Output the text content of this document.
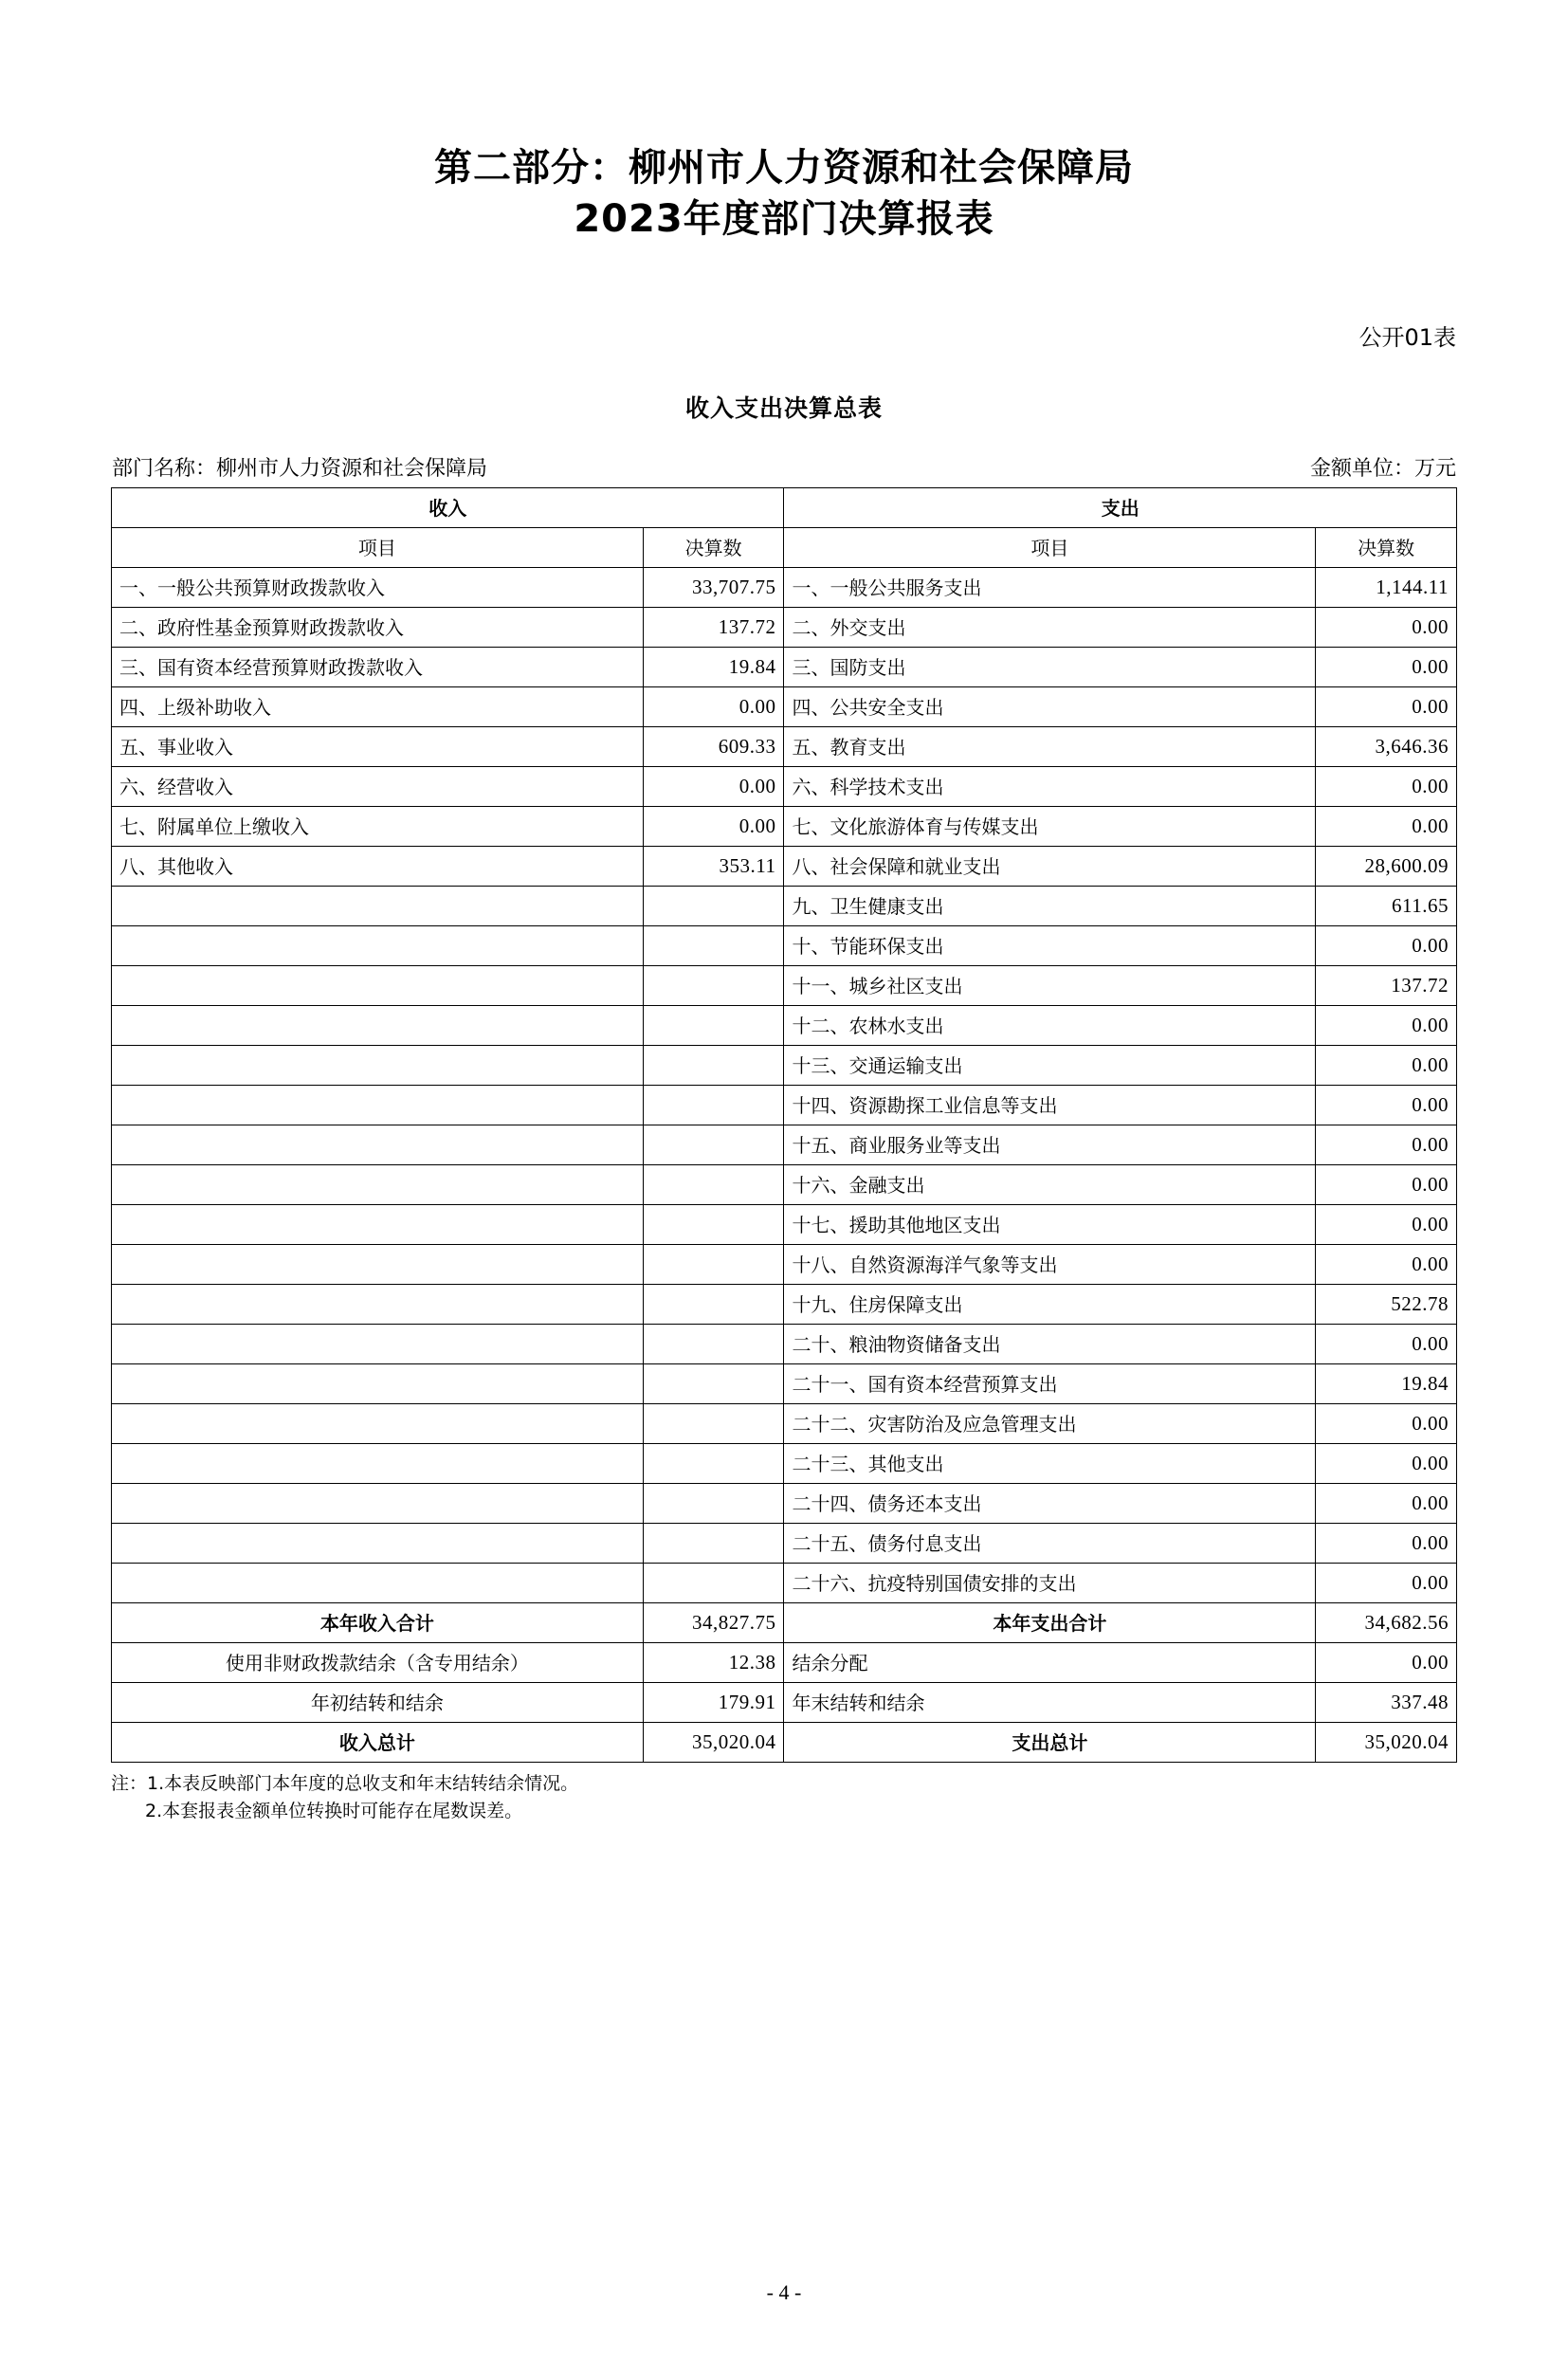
第二部分：柳州市人力资源和社会保障局
2023年度部门决算报表
公开01表
收入支出决算总表
部门名称：柳州市人力资源和社会保障局	金额单位：万元
收入		支出	
项目	决算数	项目	决算数
一、一般公共预算财政拨款收入	33,707.75	一、一般公共服务支出	1,144.11
二、政府性基金预算财政拨款收入	137.72	二、外交支出	0.00
三、国有资本经营预算财政拨款收入	19.84	三、国防支出	0.00
四、上级补助收入	0.00	四、公共安全支出	0.00
五、事业收入	609.33	五、教育支出	3,646.36
六、经营收入	0.00	六、科学技术支出	0.00
七、附属单位上缴收入	0.00	七、文化旅游体育与传媒支出	0.00
八、其他收入	353.11	八、社会保障和就业支出	28,600.09
		九、卫生健康支出	611.65
		十、节能环保支出	0.00
		十一、城乡社区支出	137.72
		十二、农林水支出	0.00
		十三、交通运输支出	0.00
		十四、资源勘探工业信息等支出	0.00
		十五、商业服务业等支出	0.00
		十六、金融支出	0.00
		十七、援助其他地区支出	0.00
		十八、自然资源海洋气象等支出	0.00
		十九、住房保障支出	522.78
		二十、粮油物资储备支出	0.00
		二十一、国有资本经营预算支出	19.84
		二十二、灾害防治及应急管理支出	0.00
		二十三、其他支出	0.00
		二十四、债务还本支出	0.00
		二十五、债务付息支出	0.00
		二十六、抗疫特别国债安排的支出	0.00
本年收入合计	34,827.75	本年支出合计	34,682.56
使用非财政拨款结余（含专用结余）	12.38	结余分配	0.00
年初结转和结余	179.91	年末结转和结余	337.48
收入总计	35,020.04	支出总计	35,020.04
注：1.本表反映部门本年度的总收支和年末结转结余情况。
2.本套报表金额单位转换时可能存在尾数误差。
- 4 -
